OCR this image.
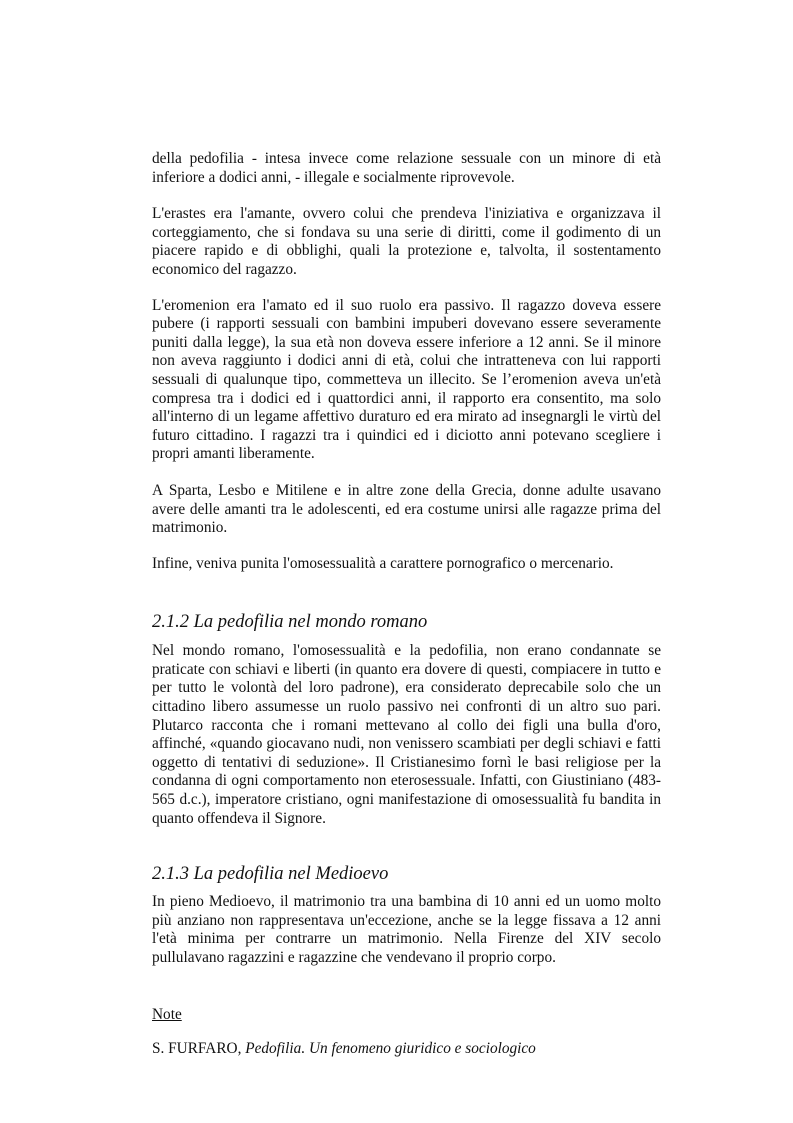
della pedofilia - intesa invece come relazione sessuale con un minore di età inferiore a dodici anni, - illegale e socialmente riprovevole.

L'erastes era l'amante, ovvero colui che prendeva l'iniziativa e organizzava il corteggiamento, che si fondava su una serie di diritti, come il godimento di un piacere rapido e di obblighi, quali la protezione e, talvolta, il sostentamento economico del ragazzo.

L'eromenion era l'amato ed il suo ruolo era passivo. Il ragazzo doveva essere pubere (i rapporti sessuali con bambini impuberi dovevano essere severamente puniti dalla legge), la sua età non doveva essere inferiore a 12 anni. Se il minore non aveva raggiunto i dodici anni di età, colui che intratteneva con lui rapporti sessuali di qualunque tipo, commetteva un illecito. Se l’eromenion aveva un'età compresa tra i dodici ed i quattordici anni, il rapporto era consentito, ma solo all'interno di un legame affettivo duraturo ed era mirato ad insegnargli le virtù del futuro cittadino. I ragazzi tra i quindici ed i diciotto anni potevano scegliere i propri amanti liberamente.

A Sparta, Lesbo e Mitilene e in altre zone della Grecia, donne adulte usavano avere delle amanti tra le adolescenti, ed era costume unirsi alle ragazze prima del matrimonio.

Infine, veniva punita l'omosessualità a carattere pornografico o mercenario.

2.1.2 La pedofilia nel mondo romano

Nel mondo romano, l'omosessualità e la pedofilia, non erano condannate se praticate con schiavi e liberti (in quanto era dovere di questi, compiacere in tutto e per tutto le volontà del loro padrone), era considerato deprecabile solo che un cittadino libero assumesse un ruolo passivo nei confronti di un altro suo pari. Plutarco racconta che i romani mettevano al collo dei figli una bulla d'oro, affinché, «quando giocavano nudi, non venissero scambiati per degli schiavi e fatti oggetto di tentativi di seduzione». Il Cristianesimo fornì le basi religiose per la condanna di ogni comportamento non eterosessuale. Infatti, con Giustiniano (483-565 d.c.), imperatore cristiano, ogni manifestazione di omosessualità fu bandita in quanto offendeva il Signore.

2.1.3 La pedofilia nel Medioevo

In pieno Medioevo, il matrimonio tra una bambina di 10 anni ed un uomo molto più anziano non rappresentava un'eccezione, anche se la legge fissava a 12 anni l'età minima per contrarre un matrimonio. Nella Firenze del XIV secolo pullulavano ragazzini e ragazzine che vendevano il proprio corpo.

Note

S. FURFARO, Pedofilia. Un fenomeno giuridico e sociologico
